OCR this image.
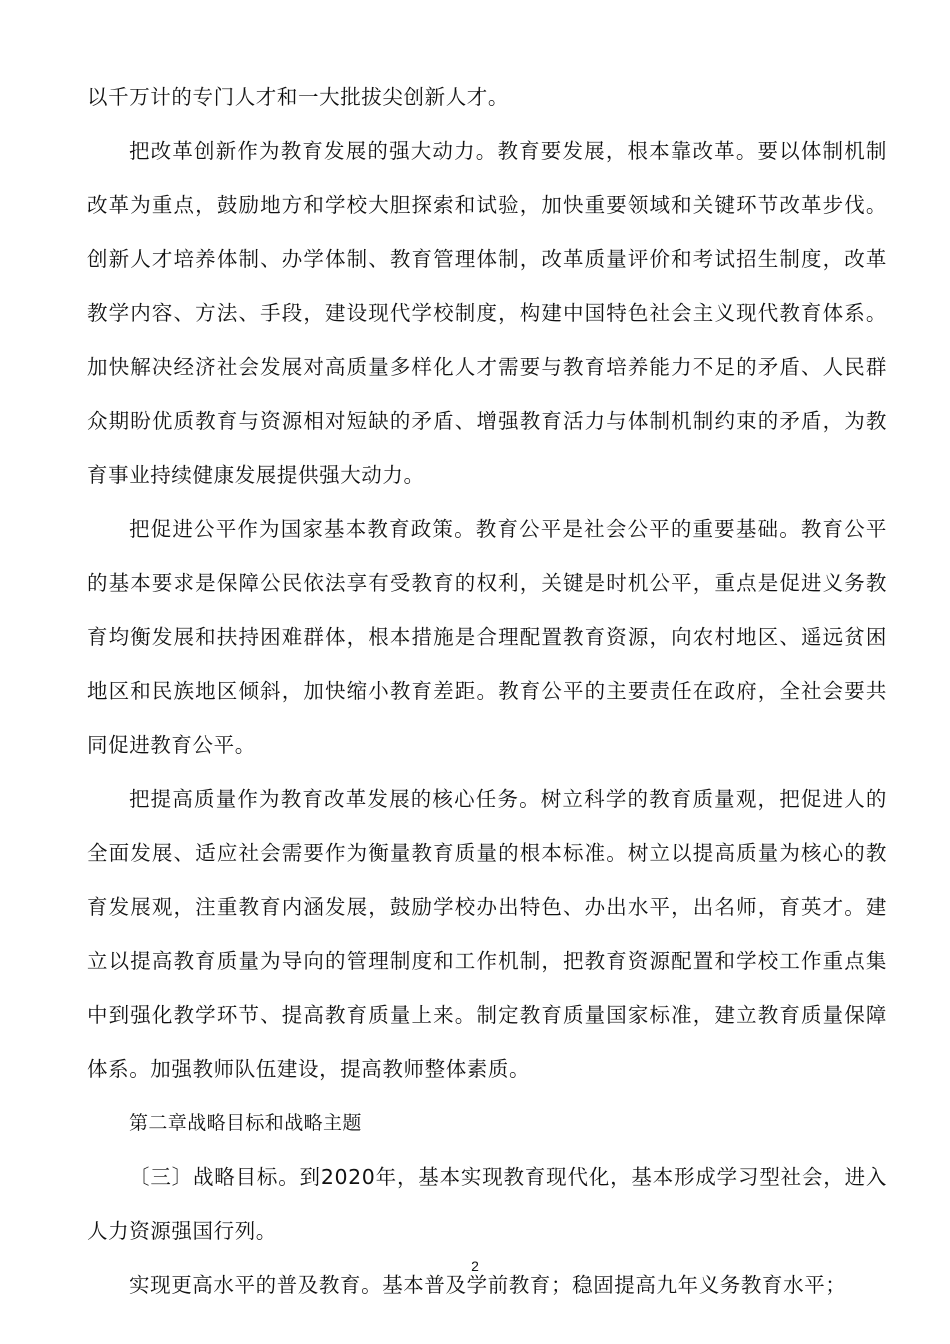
以千万计的专门人才和一大批拔尖创新人才。

把改革创新作为教育发展的强大动力。教育要发展，根本靠改革。要以体制机制改革为重点，鼓励地方和学校大胆探索和试验，加快重要领域和关键环节改革步伐。创新人才培养体制、办学体制、教育管理体制，改革质量评价和考试招生制度，改革教学内容、方法、手段，建设现代学校制度，构建中国特色社会主义现代教育体系。加快解决经济社会发展对高质量多样化人才需要与教育培养能力不足的矛盾、人民群众期盼优质教育与资源相对短缺的矛盾、增强教育活力与体制机制约束的矛盾，为教育事业持续健康发展提供强大动力。

把促进公平作为国家基本教育政策。教育公平是社会公平的重要基础。教育公平的基本要求是保障公民依法享有受教育的权利，关键是时机公平，重点是促进义务教育均衡发展和扶持困难群体，根本措施是合理配置教育资源，向农村地区、遥远贫困地区和民族地区倾斜，加快缩小教育差距。教育公平的主要责任在政府，全社会要共同促进教育公平。

把提高质量作为教育改革发展的核心任务。树立科学的教育质量观，把促进人的全面发展、适应社会需要作为衡量教育质量的根本标准。树立以提高质量为核心的教育发展观，注重教育内涵发展，鼓励学校办出特色、办出水平，出名师，育英才。建立以提高教育质量为导向的管理制度和工作机制，把教育资源配置和学校工作重点集中到强化教学环节、提高教育质量上来。制定教育质量国家标准，建立教育质量保障体系。加强教师队伍建设，提高教师整体素质。

第二章战略目标和战略主题

〔三〕战略目标。到2020年，基本实现教育现代化，基本形成学习型社会，进入人力资源强国行列。

实现更高水平的普及教育。基本普及学前教育；稳固提高九年义务教育水平；

2
